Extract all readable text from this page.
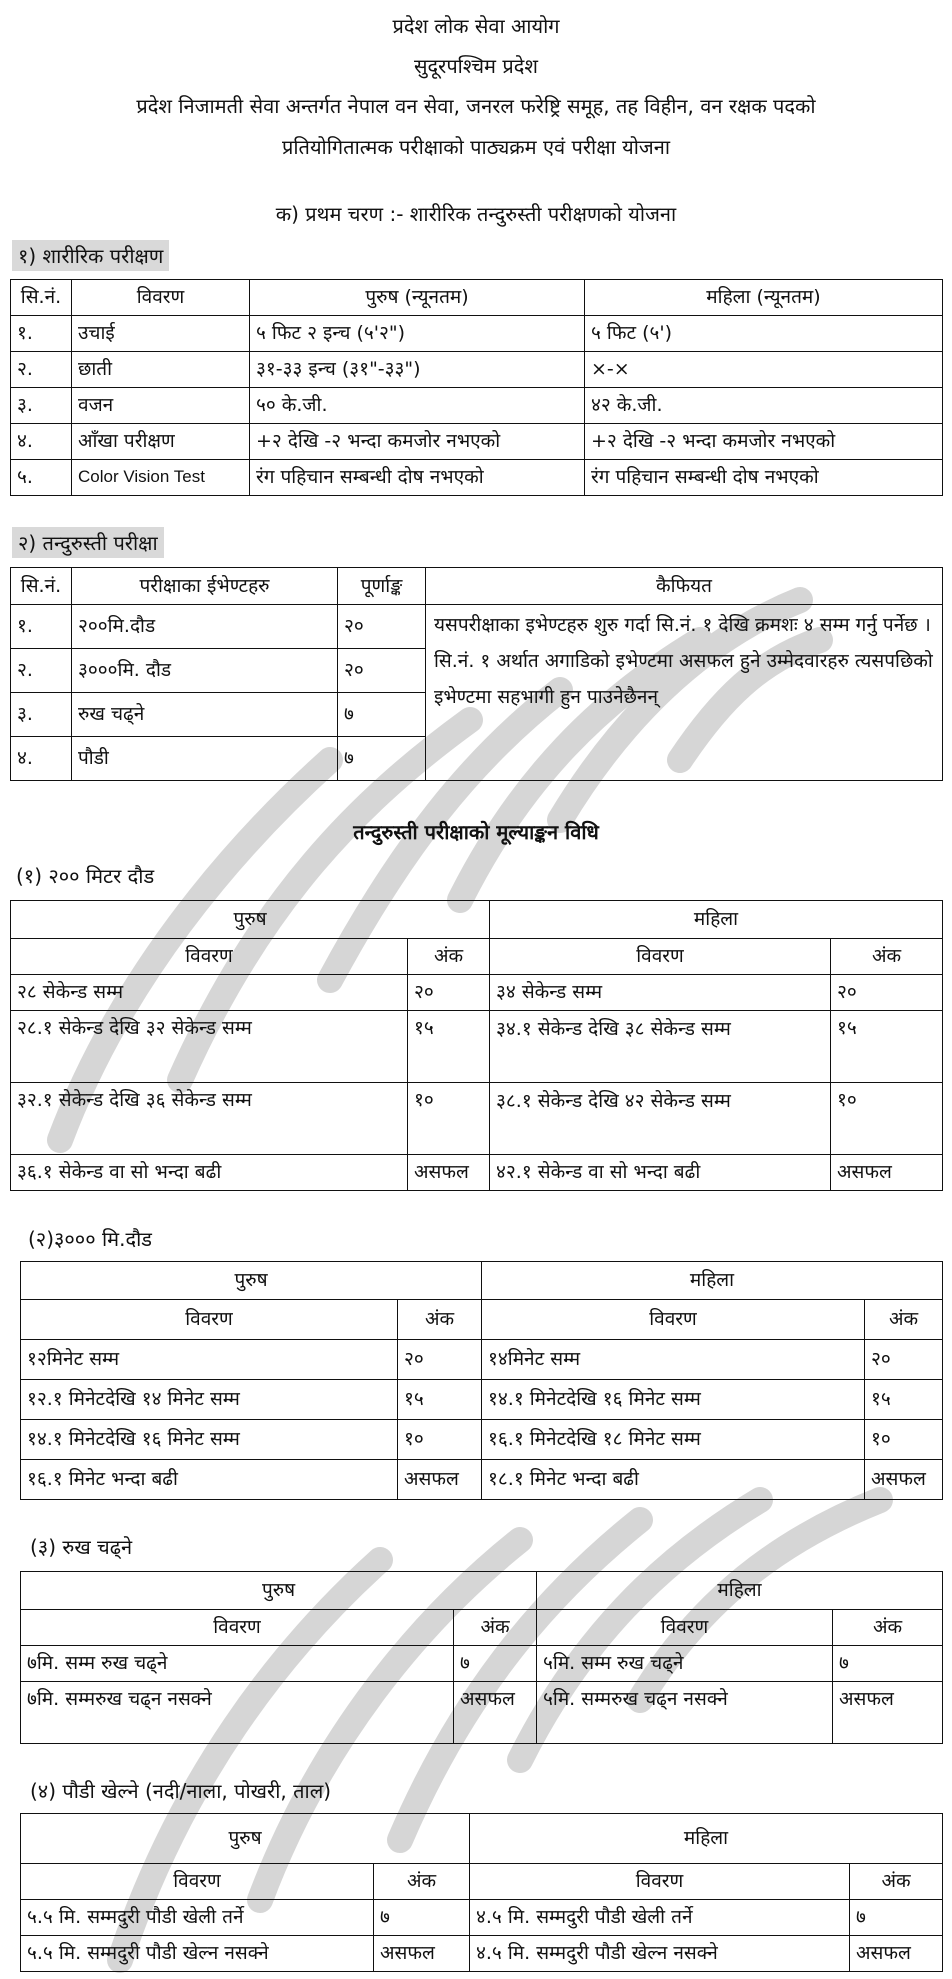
प्रदेश लोक सेवा आयोग
सुदूरपश्चिम प्रदेश
प्रदेश निजामती सेवा अन्तर्गत नेपाल वन सेवा, जनरल फरेष्ट्रि समूह, तह विहीन, वन रक्षक पदको
प्रतियोगितात्मक परीक्षाको पाठ्यक्रम एवं परीक्षा योजना
क) प्रथम चरण :- शारीरिक तन्दुरुस्ती परीक्षणको योजना
१) शारीरिक परीक्षण
सि.नं.	विवरण	पुरुष (न्यूनतम)	महिला (न्यूनतम)
१.	उचाई	५ फिट २ इन्च (५'२")	५ फिट (५')
२.	छाती	३१-३३ इन्च (३१"-३३")	×-×
३.	वजन	५० के.जी.	४२ के.जी.
४.	आँखा परीक्षण	+२ देखि -२ भन्दा कमजोर नभएको	+२ देखि -२ भन्दा कमजोर नभएको
५.	Color Vision Test	रंग पहिचान सम्बन्धी दोष नभएको	रंग पहिचान सम्बन्धी दोष नभएको
२) तन्दुरुस्ती परीक्षा
सि.नं.	परीक्षाका ईभेण्टहरु	पूर्णाङ्क	कैफियत
१.	२००मि.दौड	२०	यसपरीक्षाका इभेण्टहरु शुरु गर्दा सि.नं. १ देखि क्रमशः ४ सम्म गर्नु पर्नेछ । सि.नं. १ अर्थात अगाडिको इभेण्टमा असफल हुने उम्मेदवारहरु त्यसपछिको इभेण्टमा सहभागी हुन पाउनेछैनन्
२.	३०००मि. दौड	२०	
३.	रुख चढ्ने	७	
४.	पौडी	७	
तन्दुरुस्ती परीक्षाको मूल्याङ्कन विधि
(१) २०० मिटर दौड
पुरुष		महिला	
विवरण	अंक	विवरण	अंक
२८ सेकेन्ड सम्म	२०	३४ सेकेन्ड सम्म	२०
२८.१ सेकेन्ड देखि ३२ सेकेन्ड सम्म	१५	३४.१ सेकेन्ड देखि ३८ सेकेन्ड सम्म	१५
३२.१ सेकेन्ड देखि ३६ सेकेन्ड सम्म	१०	३८.१ सेकेन्ड देखि ४२ सेकेन्ड सम्म	१०
३६.१ सेकेन्ड वा सो भन्दा बढी	असफल	४२.१ सेकेन्ड वा सो भन्दा बढी	असफल
(२)३००० मि.दौड
पुरुष		महिला	
विवरण	अंक	विवरण	अंक
१२मिनेट सम्म	२०	१४मिनेट सम्म	२०
१२.१ मिनेटदेखि १४ मिनेट सम्म	१५	१४.१ मिनेटदेखि १६ मिनेट सम्म	१५
१४.१ मिनेटदेखि १६ मिनेट सम्म	१०	१६.१ मिनेटदेखि १८ मिनेट सम्म	१०
१६.१ मिनेट भन्दा बढी	असफल	१८.१ मिनेट भन्दा बढी	असफल
(३) रुख चढ्ने
पुरुष		महिला	
विवरण	अंक	विवरण	अंक
७मि. सम्म रुख चढ्ने	७	५मि. सम्म रुख चढ्ने	७
७मि. सम्मरुख चढ्न नसक्ने	असफल	५मि. सम्मरुख चढ्न नसक्ने	असफल
(४) पौडी खेल्ने (नदी/नाला, पोखरी, ताल)
पुरुष		महिला	
विवरण	अंक	विवरण	अंक
५.५ मि. सम्मदुरी पौडी खेली तर्ने	७	४.५ मि. सम्मदुरी पौडी खेली तर्ने	७
५.५ मि. सम्मदुरी पौडी खेल्न नसक्ने	असफल	४.५ मि. सम्मदुरी पौडी खेल्न नसक्ने	असफल
